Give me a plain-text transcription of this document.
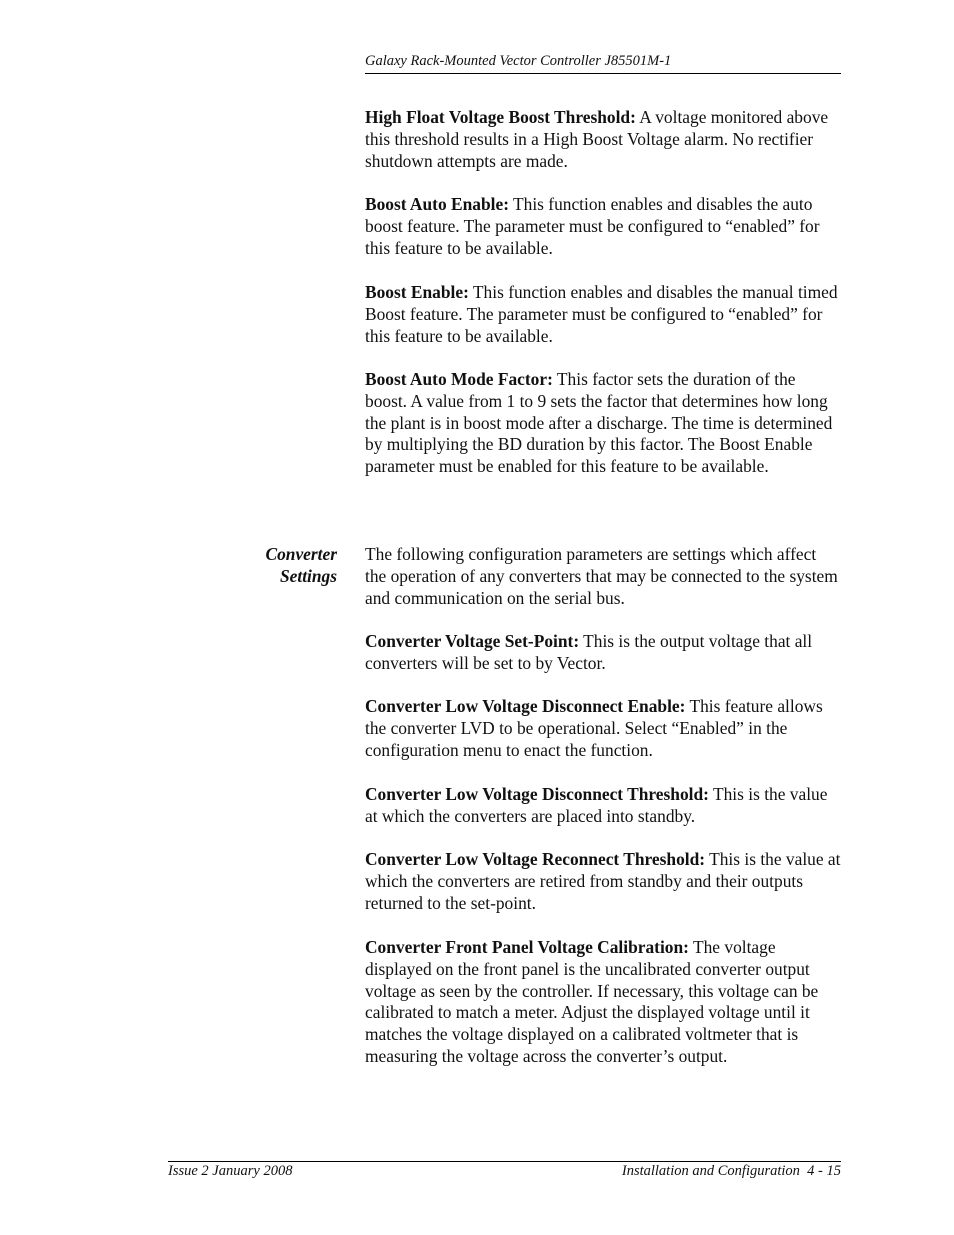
Galaxy Rack-Mounted Vector Controller J85501M-1

High Float Voltage Boost Threshold: A voltage monitored above this threshold results in a High Boost Voltage alarm. No rectifier shutdown attempts are made.

Boost Auto Enable: This function enables and disables the auto boost feature. The parameter must be configured to “enabled” for this feature to be available.

Boost Enable: This function enables and disables the manual timed Boost feature. The parameter must be configured to “enabled” for this feature to be available.

Boost Auto Mode Factor: This factor sets the duration of the boost. A value from 1 to 9 sets the factor that determines how long the plant is in boost mode after a discharge. The time is determined by multiplying the BD duration by this factor. The Boost Enable parameter must be enabled for this feature to be available.

Converter
Settings

The following configuration parameters are settings which affect the operation of any converters that may be connected to the system and communication on the serial bus.

Converter Voltage Set-Point: This is the output voltage that all converters will be set to by Vector.

Converter Low Voltage Disconnect Enable: This feature allows the converter LVD to be operational. Select “Enabled” in the configuration menu to enact the function.

Converter Low Voltage Disconnect Threshold: This is the value at which the converters are placed into standby.

Converter Low Voltage Reconnect Threshold: This is the value at which the converters are retired from standby and their outputs returned to the set-point.

Converter Front Panel Voltage Calibration: The voltage displayed on the front panel is the uncalibrated converter output voltage as seen by the controller. If necessary, this voltage can be calibrated to match a meter. Adjust the displayed voltage until it matches the voltage displayed on a calibrated voltmeter that is measuring the voltage across the converter’s output.

Issue 2 January 2008	Installation and Configuration  4 - 15
